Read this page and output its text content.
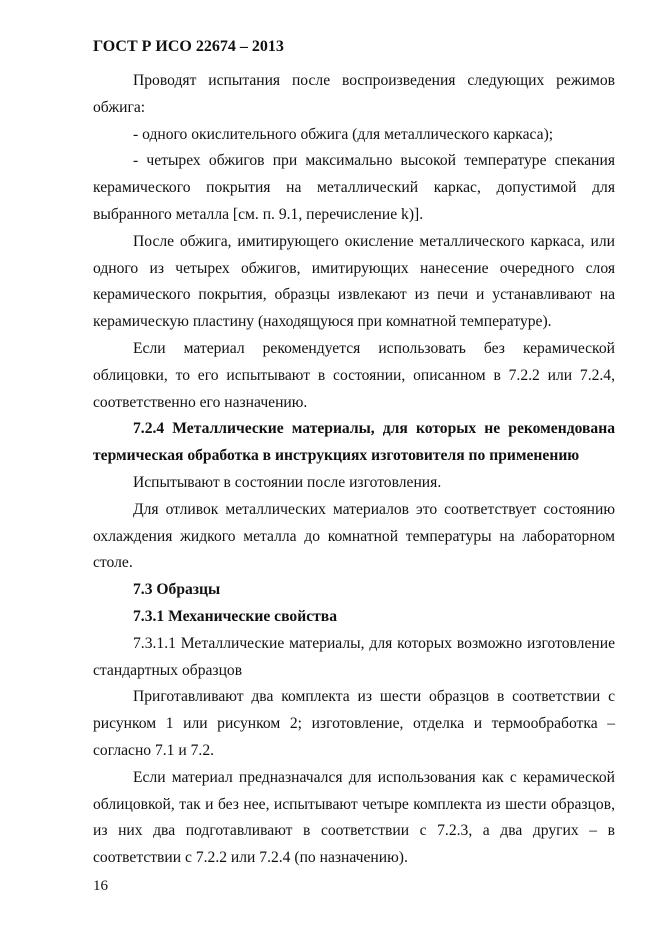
ГОСТ Р ИСО 22674 – 2013
Проводят испытания после воспроизведения следующих режимов
обжига:
- одного окислительного обжига (для металлического каркаса);
- четырех обжигов при максимально высокой температуре спекания
керамического покрытия на металлический каркас, допустимой для
выбранного металла [см. п. 9.1, перечисление k)].
После обжига, имитирующего окисление металлического каркаса, или
одного из четырех обжигов, имитирующих нанесение очередного слоя
керамического покрытия, образцы извлекают из печи и устанавливают на
керамическую пластину (находящуюся при комнатной температуре).
Если материал рекомендуется использовать без керамической
облицовки, то его испытывают в состоянии, описанном в 7.2.2 или 7.2.4,
соответственно его назначению.
7.2.4 Металлические материалы, для которых не рекомендована
термическая обработка в инструкциях изготовителя по применению
Испытывают в состоянии после изготовления.
Для отливок металлических материалов это соответствует состоянию
охлаждения жидкого металла до комнатной температуры на лабораторном
столе.
7.3 Образцы
7.3.1 Механические свойства
7.3.1.1 Металлические материалы, для которых возможно изготовление
стандартных образцов
Приготавливают два комплекта из шести образцов в соответствии с
рисунком 1 или рисунком 2; изготовление, отделка и термообработка –
согласно 7.1 и 7.2.
Если материал предназначался для использования как с керамической
облицовкой, так и без нее, испытывают четыре комплекта из шести образцов,
из них два подготавливают в соответствии с 7.2.3, а два других – в
соответствии с 7.2.2 или 7.2.4 (по назначению).
16
